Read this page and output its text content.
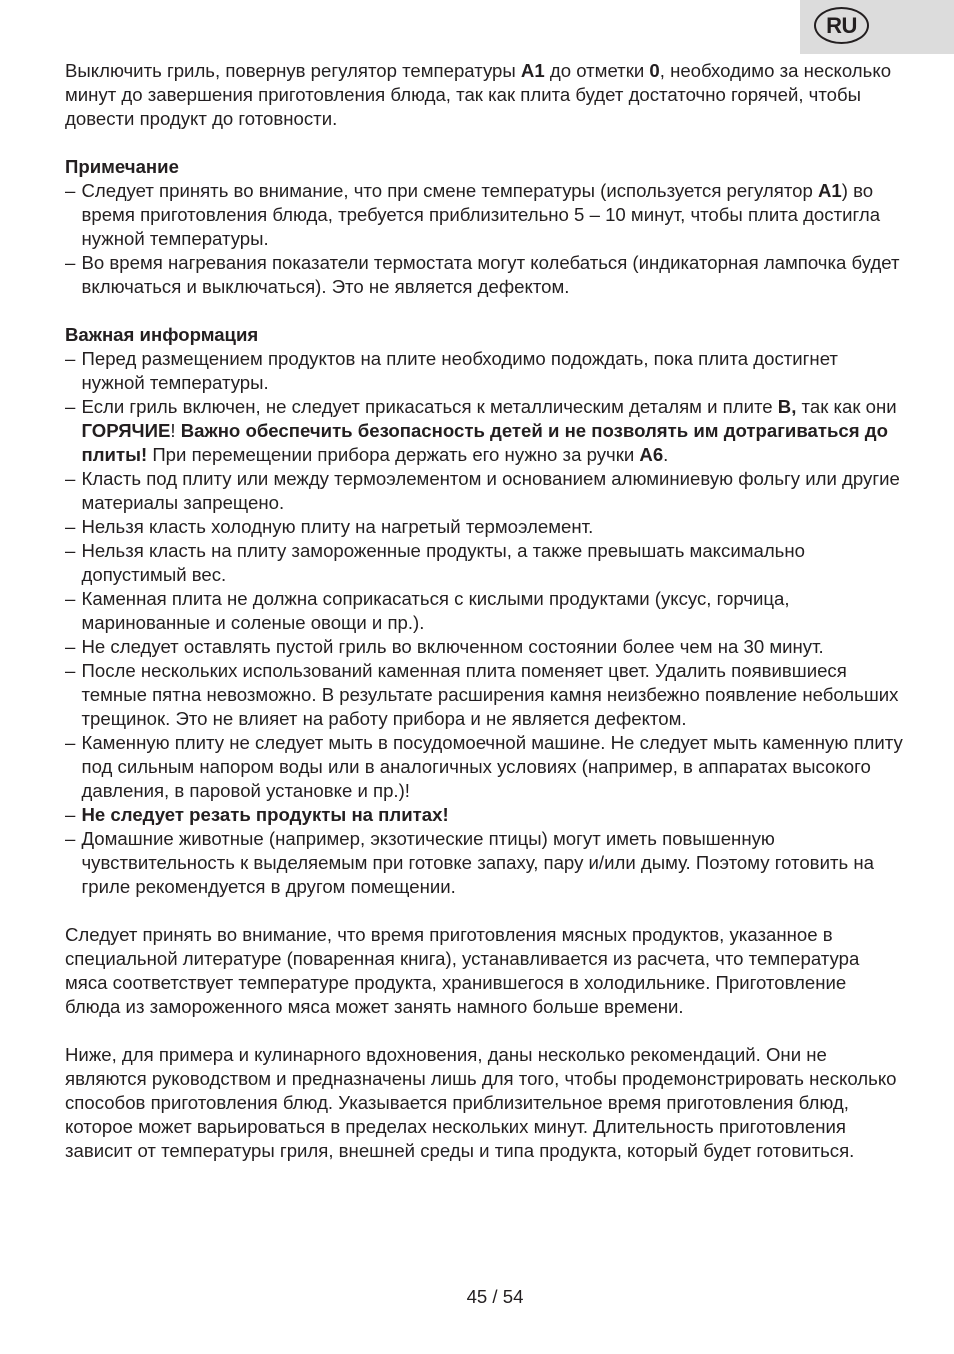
RU

Выключить гриль, повернув регулятор температуры A1 до отметки 0, необходимо за несколько минут до завершения приготовления блюда, так как плита будет достаточно горячей, чтобы довести продукт до готовности.

Примечание

– Следует принять во внимание, что при смене температуры (используется регулятор A1) во время приготовления блюда, требуется приблизительно 5 – 10 минут, чтобы плита достигла нужной температуры.
– Во время нагревания показатели термостата могут колебаться (индикаторная лампочка будет включаться и выключаться). Это не является дефектом.

Важная информация

– Перед размещением продуктов на плите необходимо подождать, пока плита достигнет нужной температуры.
– Если гриль включен, не следует прикасаться к металлическим деталям и плите B, так как они ГОРЯЧИЕ! Важно обеспечить безопасность детей и не позволять им дотрагиваться до плиты! При перемещении прибора держать его нужно за ручки A6.
– Класть под плиту или между термоэлементом и основанием алюминиевую фольгу или другие материалы запрещено.
– Нельзя класть холодную плиту на нагретый термоэлемент.
– Нельзя класть на плиту замороженные продукты, а также превышать максимально допустимый вес.
– Каменная плита не должна соприкасаться с кислыми продуктами (уксус, горчица, маринованные и соленые овощи и пр.).
– Не следует оставлять пустой гриль во включенном состоянии более чем на 30 минут.
– После нескольких использований каменная плита поменяет цвет. Удалить появившиеся темные пятна невозможно. В результате расширения камня неизбежно появление небольших трещинок. Это не влияет на работу прибора и не является дефектом.
– Каменную плиту не следует мыть в посудомоечной машине. Не следует мыть каменную плиту под сильным напором воды или в аналогичных условиях (например, в аппаратах высокого давления, в паровой установке и пр.)!
– Не следует резать продукты на плитах!
– Домашние животные (например, экзотические птицы) могут иметь повышенную чувствительность к выделяемым при готовке запаху, пару и/или дыму. Поэтому готовить на гриле рекомендуется в другом помещении.

Следует принять во внимание, что время приготовления мясных продуктов, указанное в специальной литературе (поваренная книга), устанавливается из расчета, что температура мяса соответствует температуре продукта, хранившегося в холодильнике. Приготовление блюда из замороженного мяса может занять намного больше времени.

Ниже, для примера и кулинарного вдохновения, даны несколько рекомендаций. Они не являются руководством и предназначены лишь для того, чтобы продемонстрировать несколько способов приготовления блюд. Указывается приблизительное время приготовления блюд, которое может варьироваться в пределах нескольких минут. Длительность приготовления зависит от температуры гриля, внешней среды и типа продукта, который будет готовиться.

45 / 54
